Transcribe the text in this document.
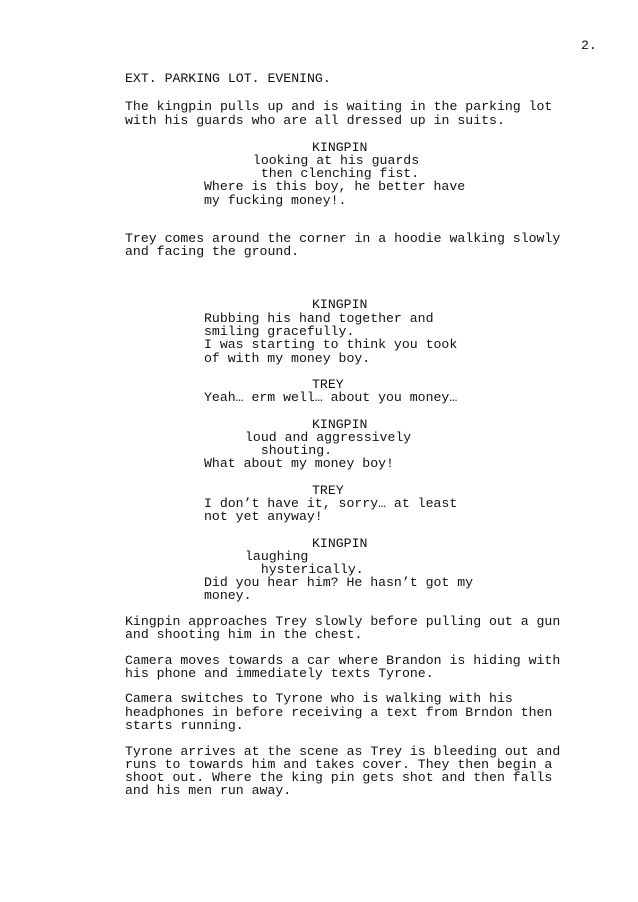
2.
EXT. PARKING LOT. EVENING.
The kingpin pulls up and is waiting in the parking lot
with his guards who are all dressed up in suits.
KINGPIN
looking at his guards
then clenching fist.
Where is this boy, he better have
my fucking money!.
Trey comes around the corner in a hoodie walking slowly
and facing the ground.
KINGPIN
Rubbing his hand together and
smiling gracefully.
I was starting to think you took
of with my money boy.
TREY
Yeah… erm well… about you money…
KINGPIN
loud and aggressively
shouting.
What about my money boy!
TREY
I don’t have it, sorry… at least
not yet anyway!
KINGPIN
laughing
hysterically.
Did you hear him? He hasn’t got my
money.
Kingpin approaches Trey slowly before pulling out a gun
and shooting him in the chest.
Camera moves towards a car where Brandon is hiding with
his phone and immediately texts Tyrone.
Camera switches to Tyrone who is walking with his
headphones in before receiving a text from Brndon then
starts running.
Tyrone arrives at the scene as Trey is bleeding out and
runs to towards him and takes cover. They then begin a
shoot out. Where the king pin gets shot and then falls
and his men run away.
